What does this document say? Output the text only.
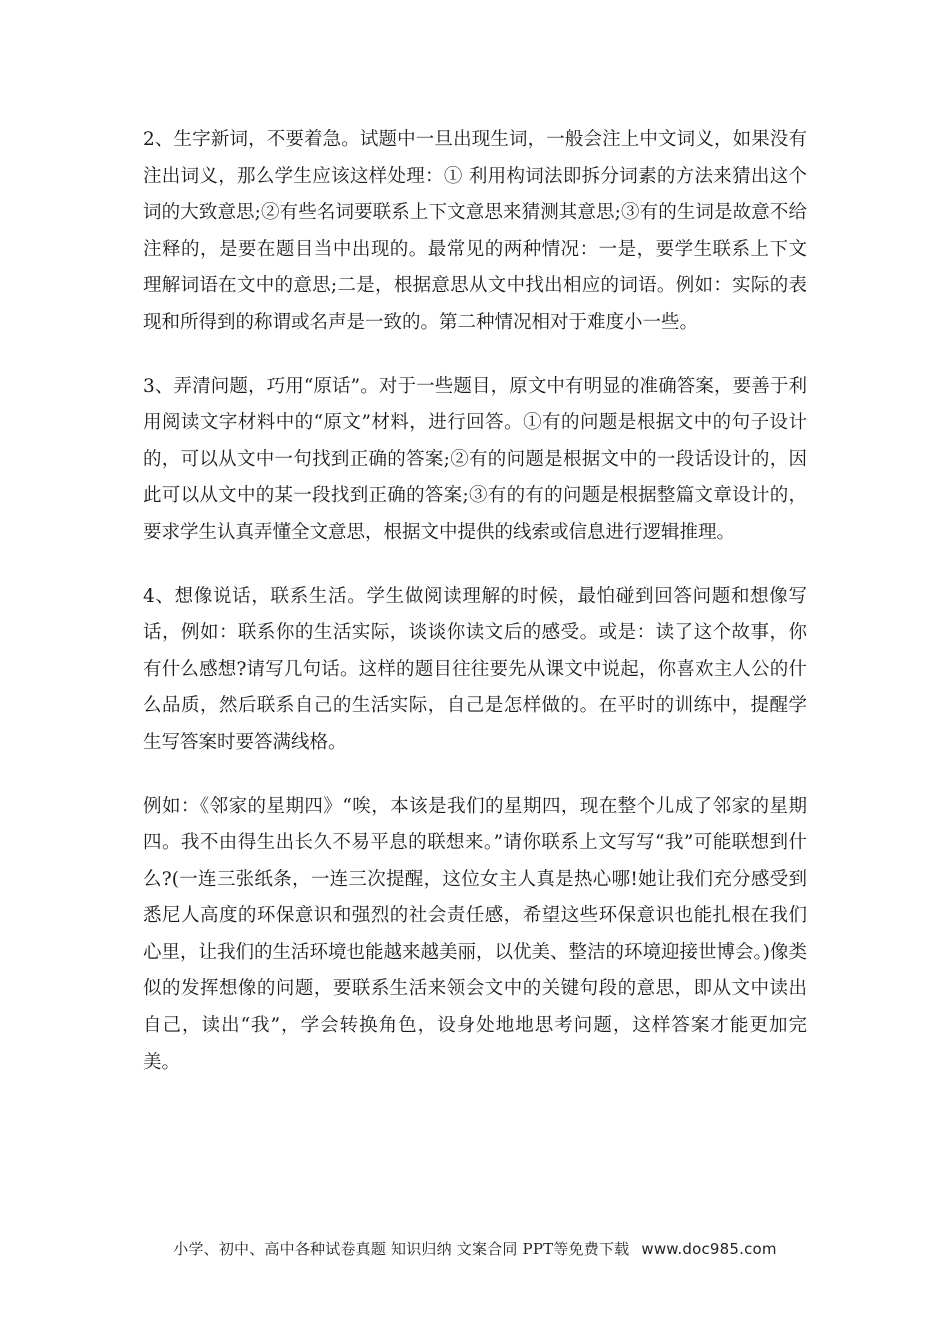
2、生字新词，不要着急。试题中一旦出现生词，一般会注上中文词义，如果没有注出词义，那么学生应该这样处理：① 利用构词法即拆分词素的方法来猜出这个词的大致意思;②有些名词要联系上下文意思来猜测其意思;③有的生词是故意不给注释的，是要在题目当中出现的。最常见的两种情况：一是，要学生联系上下文理解词语在文中的意思;二是，根据意思从文中找出相应的词语。例如：实际的表现和所得到的称谓或名声是一致的。第二种情况相对于难度小一些。

3、弄清问题，巧用“原话”。对于一些题目，原文中有明显的准确答案，要善于利用阅读文字材料中的“原文”材料，进行回答。①有的问题是根据文中的句子设计的，可以从文中一句找到正确的答案;②有的问题是根据文中的一段话设计的，因此可以从文中的某一段找到正确的答案;③有的有的问题是根据整篇文章设计的，要求学生认真弄懂全文意思，根据文中提供的线索或信息进行逻辑推理。

4、想像说话，联系生活。学生做阅读理解的时候，最怕碰到回答问题和想像写话，例如：联系你的生活实际，谈谈你读文后的感受。或是：读了这个故事，你有什么感想?请写几句话。这样的题目往往要先从课文中说起，你喜欢主人公的什么品质，然后联系自己的生活实际，自己是怎样做的。在平时的训练中，提醒学生写答案时要答满线格。

例如：《邻家的星期四》“唉，本该是我们的星期四，现在整个儿成了邻家的星期四。我不由得生出长久不易平息的联想来。”请你联系上文写写“我”可能联想到什么?(一连三张纸条，一连三次提醒，这位女主人真是热心哪!她让我们充分感受到悉尼人高度的环保意识和强烈的社会责任感，希望这些环保意识也能扎根在我们心里，让我们的生活环境也能越来越美丽，以优美、整洁的环境迎接世博会。)像类似的发挥想像的问题，要联系生活来领会文中的关键句段的意思，即从文中读出自己，读出“我”，学会转换角色，设身处地地思考问题，这样答案才能更加完美。

小学、初中、高中各种试卷真题 知识归纳 文案合同 PPT等免费下载 www.doc985.com
